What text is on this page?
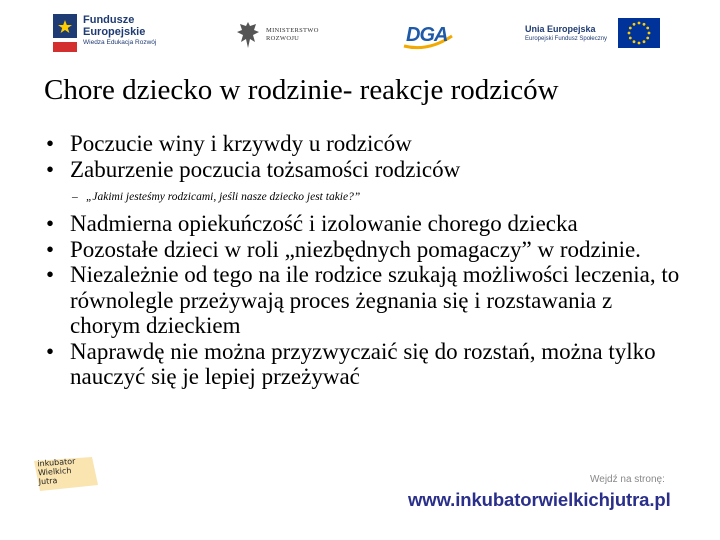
Fundusze
Europejskie
Wiedza Edukacja Rozwój
MINISTERSTWO
ROZWOJU	DGA	Unia Europejska
Europejski Fundusz Społeczny
Chore dziecko w rodzinie- reakcje rodziców
• Poczucie winy i krzywdy u rodziców
• Zaburzenie poczucia tożsamości rodziców
– „Jakimi jesteśmy rodzicami, jeśli nasze dziecko jest takie?”
• Nadmierna opiekuńczość i izolowanie chorego dziecka
• Pozostałe dzieci w roli „niezbędnych pomagaczy” w rodzinie.
• Niezależnie od tego na ile rodzice szukają możliwości leczenia, to równolegle przeżywają proces żegnania się i rozstawania z chorym dzieckiem
• Naprawdę nie można przyzwyczaić się do rozstań, można tylko nauczyć się je lepiej przeżywać
inkubator
Wielkich
Jutra	Wejdź na stronę:
www.inkubatorwielkichjutra.pl
